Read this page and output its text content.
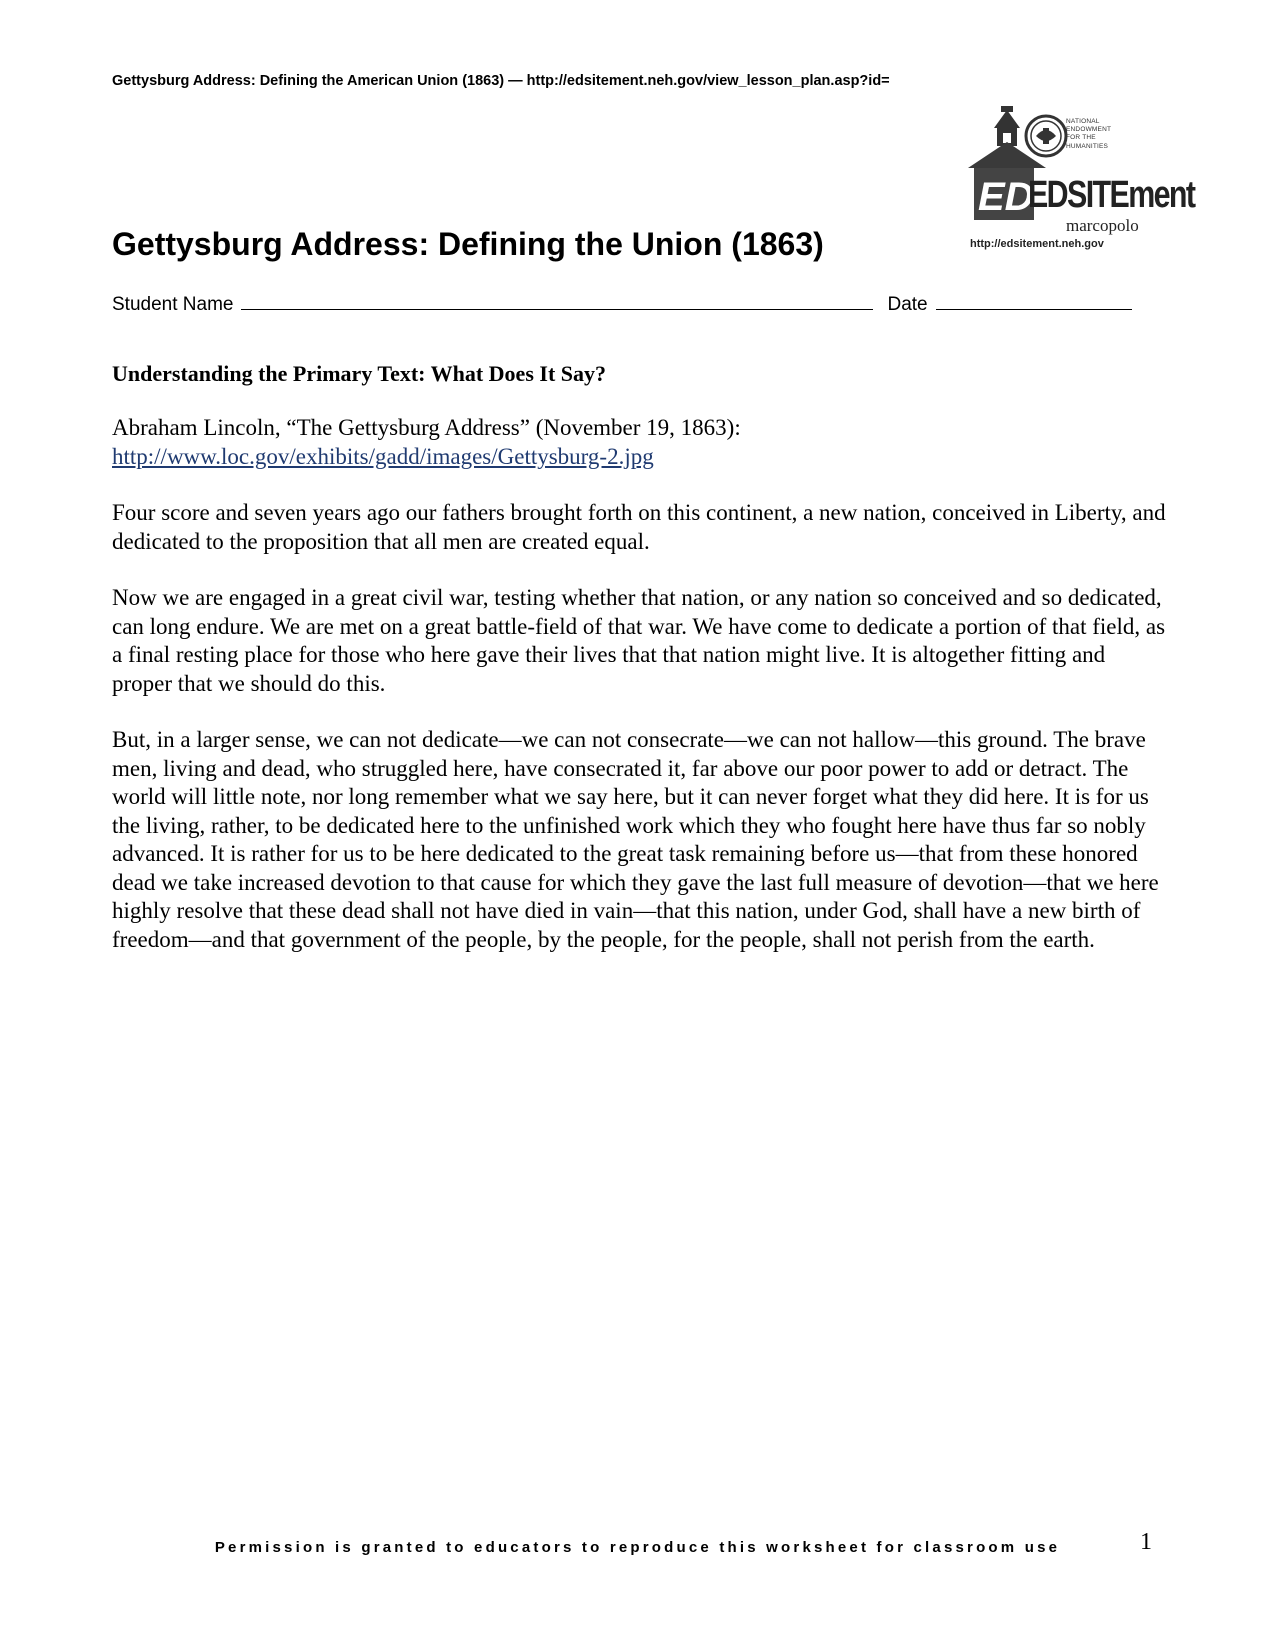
Gettysburg Address: Defining the American Union (1863) — http://edsitement.neh.gov/view_lesson_plan.asp?id=
ED
NATIONAL
ENDOWMENT
FOR THE
HUMANITIES
EDSITEment
marcopolo
http://edsitement.neh.gov
Gettysburg Address: Defining the Union (1863)
Student Name	Date
Understanding the Primary Text: What Does It Say?

Abraham Lincoln, “The Gettysburg Address” (November 19, 1863):
http://www.loc.gov/exhibits/gadd/images/Gettysburg-2.jpg

Four score and seven years ago our fathers brought forth on this continent, a new nation, conceived in Liberty, and dedicated to the proposition that all men are created equal.

Now we are engaged in a great civil war, testing whether that nation, or any nation so conceived and so dedicated, can long endure. We are met on a great battle-field of that war. We have come to dedicate a portion of that field, as a final resting place for those who here gave their lives that that nation might live. It is altogether fitting and proper that we should do this.

But, in a larger sense, we can not dedicate—we can not consecrate—we can not hallow—this ground. The brave men, living and dead, who struggled here, have consecrated it, far above our poor power to add or detract. The world will little note, nor long remember what we say here, but it can never forget what they did here. It is for us the living, rather, to be dedicated here to the unfinished work which they who fought here have thus far so nobly advanced. It is rather for us to be here dedicated to the great task remaining before us—that from these honored dead we take increased devotion to that cause for which they gave the last full measure of devotion—that we here highly resolve that these dead shall not have died in vain—that this nation, under God, shall have a new birth of freedom—and that government of the people, by the people, for the people, shall not perish from the earth.

Permission is granted to educators to reproduce this worksheet for classroom use	1
